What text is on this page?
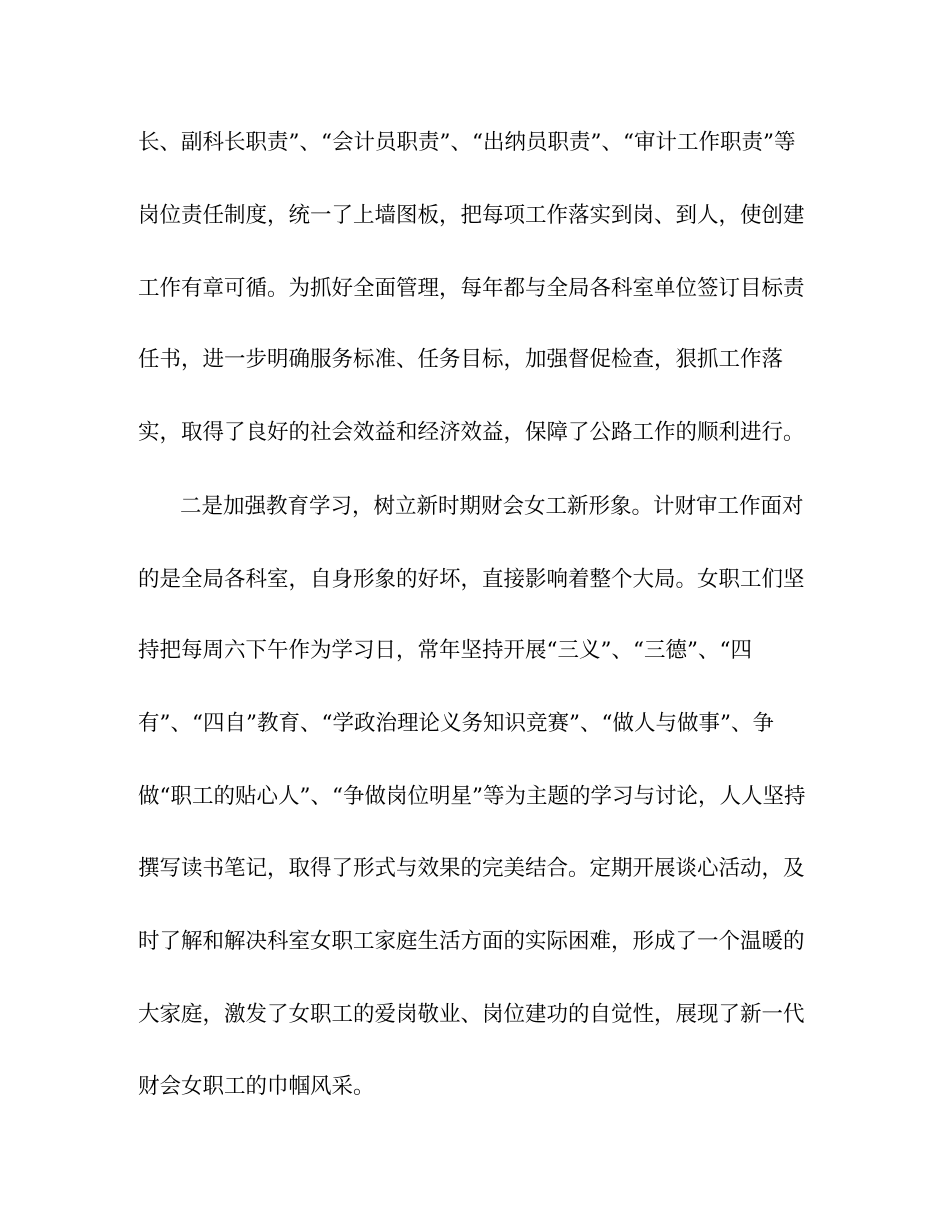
长、副科长职责”、“会计员职责”、“出纳员职责”、“审计工作职责”等
岗位责任制度，统一了上墙图板，把每项工作落实到岗、到人，使创建
工作有章可循。为抓好全面管理，每年都与全局各科室单位签订目标责
任书，进一步明确服务标准、任务目标，加强督促检查，狠抓工作落
实，取得了良好的社会效益和经济效益，保障了公路工作的顺利进行。
二是加强教育学习，树立新时期财会女工新形象。计财审工作面对
的是全局各科室，自身形象的好坏，直接影响着整个大局。女职工们坚
持把每周六下午作为学习日，常年坚持开展“三义”、“三德”、“四
有”、“四自”教育、“学政治理论义务知识竞赛”、“做人与做事”、争
做“职工的贴心人”、“争做岗位明星”等为主题的学习与讨论，人人坚持
撰写读书笔记，取得了形式与效果的完美结合。定期开展谈心活动，及
时了解和解决科室女职工家庭生活方面的实际困难，形成了一个温暖的
大家庭，激发了女职工的爱岗敬业、岗位建功的自觉性，展现了新一代
财会女职工的巾帼风采。
